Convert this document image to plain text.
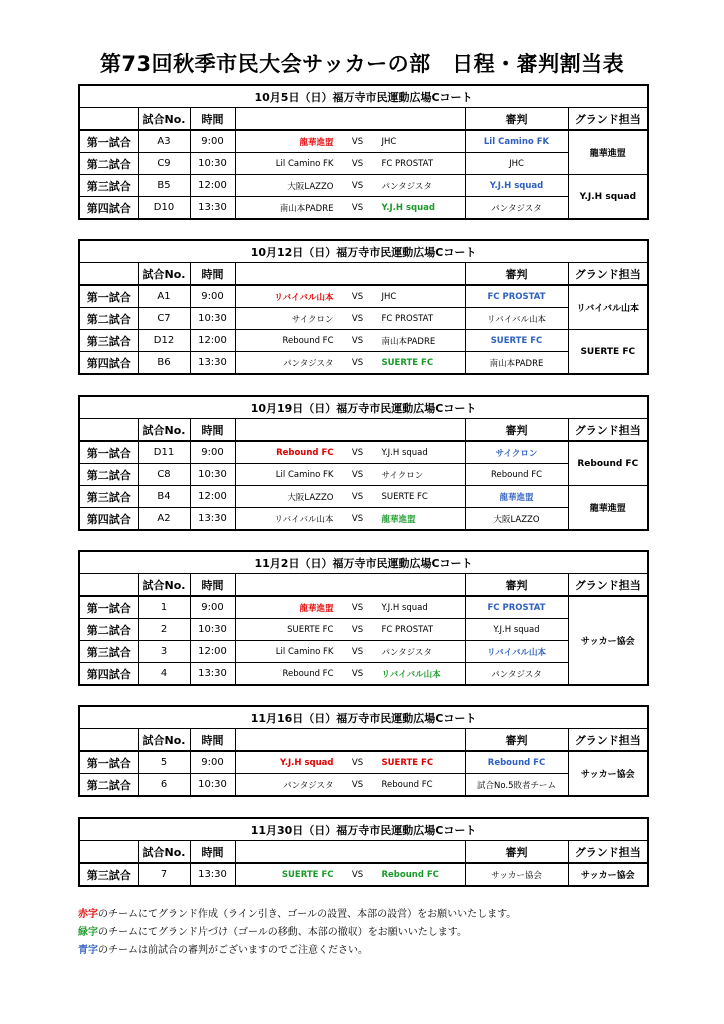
第73回秋季市民大会サッカーの部　日程・審判割当表
10月5日（日）福万寺市民運動広場Cコート					
	試合No.	時間		審判	グランド担当
第一試合	A3	9:00	龍華進盟 VS JHC	Lil Camino FK	龍華進盟
第二試合	C9	10:30	Lil Camino FK VS FC PROSTAT	JHC	
第三試合	B5	12:00	大阪LAZZO VS パンタジスタ	Y.J.H squad	Y.J.H squad
第四試合	D10	13:30	南山本PADRE VS Y.J.H squad	パンタジスタ	
10月12日（日）福万寺市民運動広場Cコート					
	試合No.	時間		審判	グランド担当
第一試合	A1	9:00	リバイバル山本 VS JHC	FC PROSTAT	リバイバル山本
第二試合	C7	10:30	サイクロン VS FC PROSTAT	リバイバル山本	
第三試合	D12	12:00	Rebound FC VS 南山本PADRE	SUERTE FC	SUERTE FC
第四試合	B6	13:30	パンタジスタ VS SUERTE FC	南山本PADRE	
10月19日（日）福万寺市民運動広場Cコート					
	試合No.	時間		審判	グランド担当
第一試合	D11	9:00	Rebound FC VS Y.J.H squad	サイクロン	Rebound FC
第二試合	C8	10:30	Lil Camino FK VS サイクロン	Rebound FC	
第三試合	B4	12:00	大阪LAZZO VS SUERTE FC	龍華進盟	龍華進盟
第四試合	A2	13:30	リバイバル山本 VS 龍華進盟	大阪LAZZO	
11月2日（日）福万寺市民運動広場Cコート					
	試合No.	時間		審判	グランド担当
第一試合	1	9:00	龍華進盟 VS Y.J.H squad	FC PROSTAT	サッカー協会
第二試合	2	10:30	SUERTE FC VS FC PROSTAT	Y.J.H squad	
第三試合	3	12:00	Lil Camino FK VS パンタジスタ	リバイバル山本	
第四試合	4	13:30	Rebound FC VS リバイバル山本	パンタジスタ	
11月16日（日）福万寺市民運動広場Cコート					
	試合No.	時間		審判	グランド担当
第一試合	5	9:00	Y.J.H squad VS SUERTE FC	Rebound FC	サッカー協会
第二試合	6	10:30	パンタジスタ VS Rebound FC	試合No.5敗者チーム	
11月30日（日）福万寺市民運動広場Cコート					
	試合No.	時間		審判	グランド担当
第三試合	7	13:30	SUERTE FC VS Rebound FC	サッカー協会	サッカー協会
赤字のチームにてグランド作成（ライン引き、ゴールの設置、本部の設営）をお願いいたします。
緑字のチームにてグランド片づけ（ゴールの移動、本部の撤収）をお願いいたします。
青字のチームは前試合の審判がございますのでご注意ください。
